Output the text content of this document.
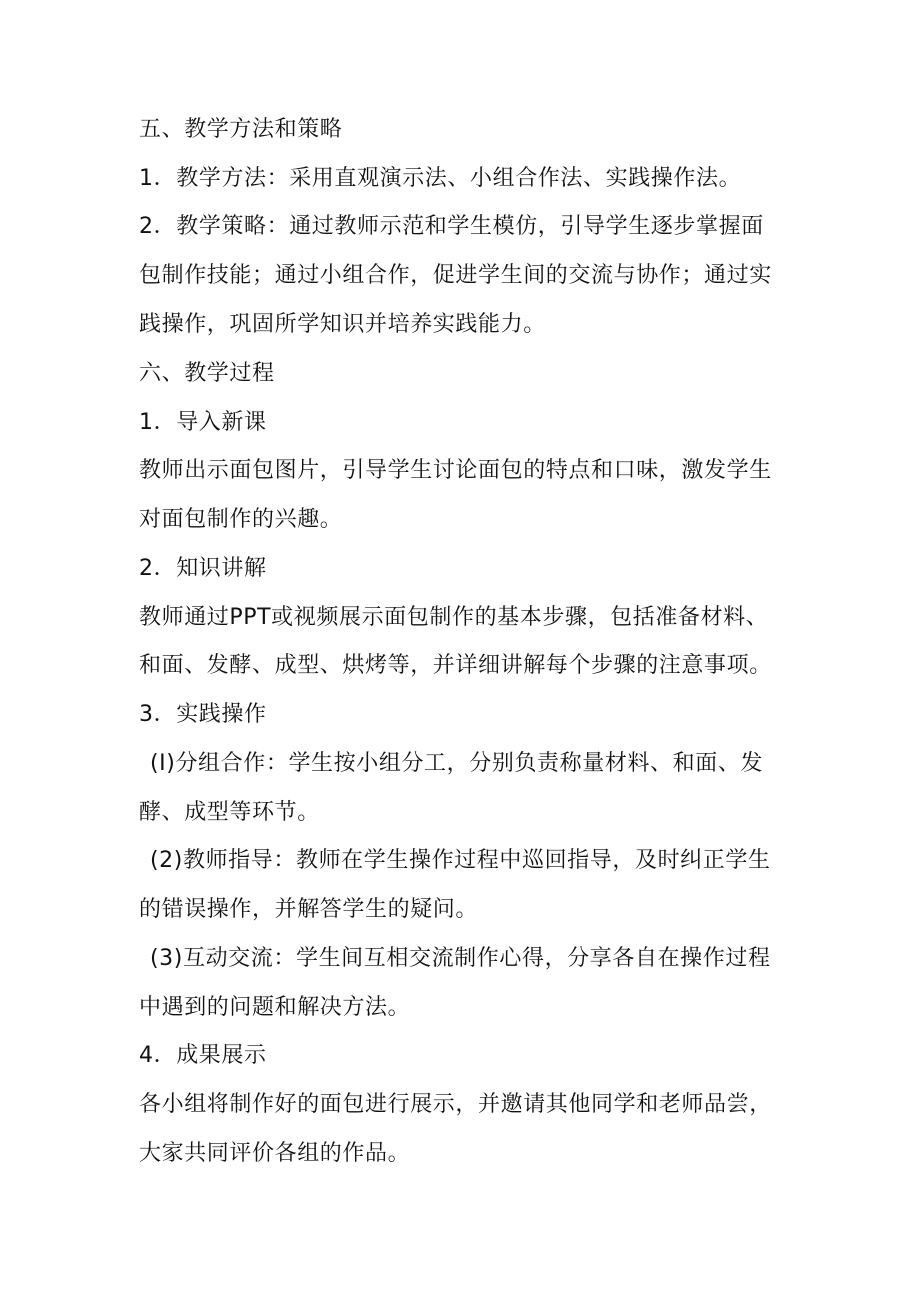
五、教学方法和策略
1．教学方法：采用直观演示法、小组合作法、实践操作法。
2．教学策略：通过教师示范和学生模仿，引导学生逐步掌握面
包制作技能；通过小组合作，促进学生间的交流与协作；通过实
践操作，巩固所学知识并培养实践能力。
六、教学过程
1．导入新课
教师出示面包图片，引导学生讨论面包的特点和口味，激发学生
对面包制作的兴趣。
2．知识讲解
教师通过PPT或视频展示面包制作的基本步骤，包括准备材料、
和面、发酵、成型、烘烤等，并详细讲解每个步骤的注意事项。
3．实践操作
(I)分组合作：学生按小组分工，分别负责称量材料、和面、发
酵、成型等环节。
(2)教师指导：教师在学生操作过程中巡回指导，及时纠正学生
的错误操作，并解答学生的疑问。
(3)互动交流：学生间互相交流制作心得，分享各自在操作过程
中遇到的问题和解决方法。
4．成果展示
各小组将制作好的面包进行展示，并邀请其他同学和老师品尝，
大家共同评价各组的作品。
